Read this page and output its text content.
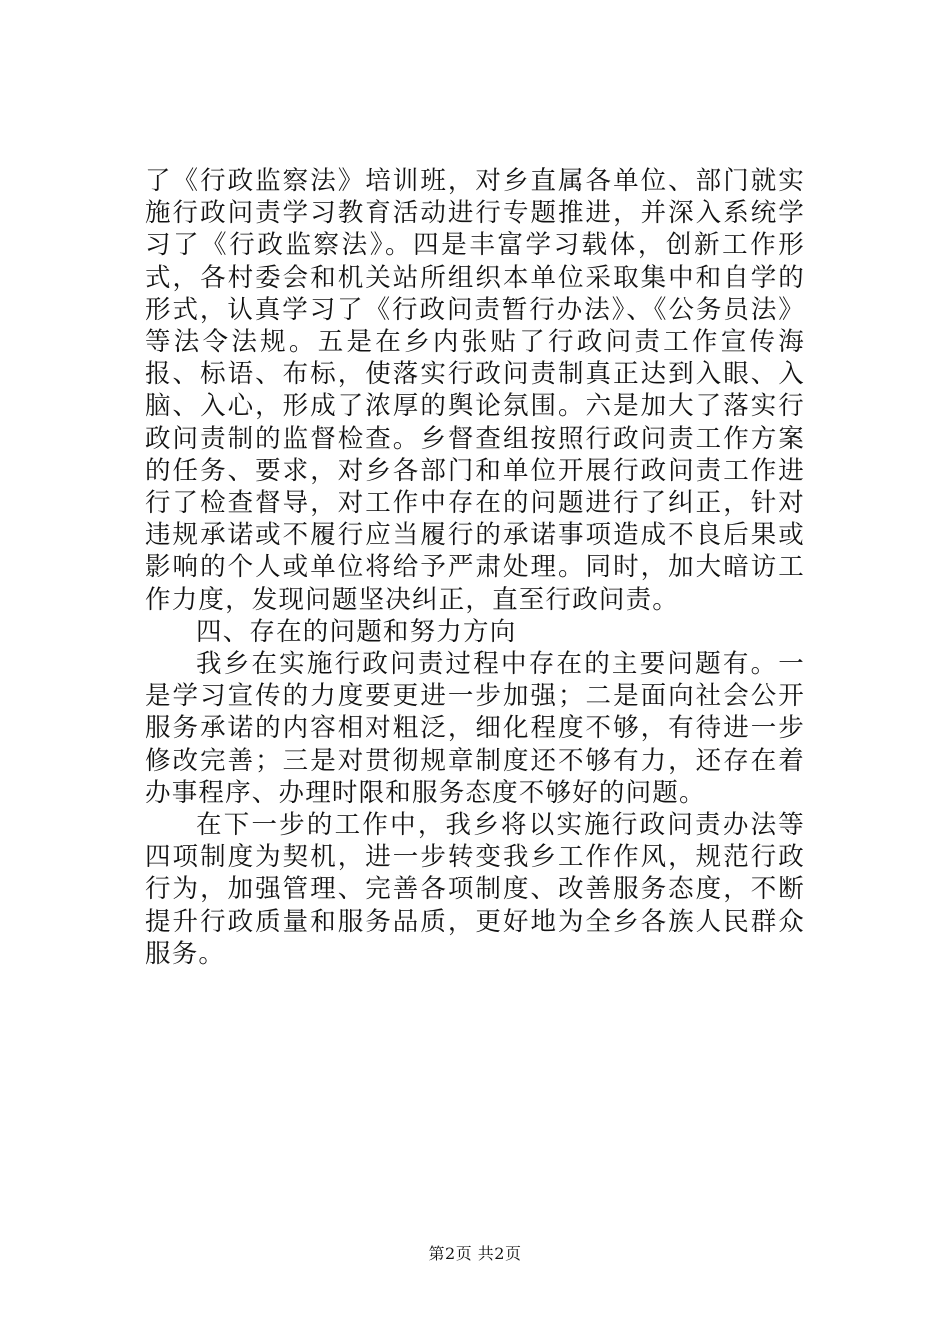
了《行政监察法》培训班，对乡直属各单位、部门就实施行政问责学习教育活动进行专题推进，并深入系统学习了《行政监察法》。四是丰富学习载体，创新工作形式，各村委会和机关站所组织本单位采取集中和自学的形式，认真学习了《行政问责暂行办法》、《公务员法》等法令法规。五是在乡内张贴了行政问责工作宣传海报、标语、布标，使落实行政问责制真正达到入眼、入脑、入心，形成了浓厚的舆论氛围。六是加大了落实行政问责制的监督检查。乡督查组按照行政问责工作方案的任务、要求，对乡各部门和单位开展行政问责工作进行了检查督导，对工作中存在的问题进行了纠正，针对违规承诺或不履行应当履行的承诺事项造成不良后果或影响的个人或单位将给予严肃处理。同时，加大暗访工作力度，发现问题坚决纠正，直至行政问责。

四、存在的问题和努力方向

我乡在实施行政问责过程中存在的主要问题有。一是学习宣传的力度要更进一步加强；二是面向社会公开服务承诺的内容相对粗泛，细化程度不够，有待进一步修改完善；三是对贯彻规章制度还不够有力，还存在着办事程序、办理时限和服务态度不够好的问题。

在下一步的工作中，我乡将以实施行政问责办法等四项制度为契机，进一步转变我乡工作作风，规范行政行为，加强管理、完善各项制度、改善服务态度，不断提升行政质量和服务品质，更好地为全乡各族人民群众服务。

第2页 共2页
